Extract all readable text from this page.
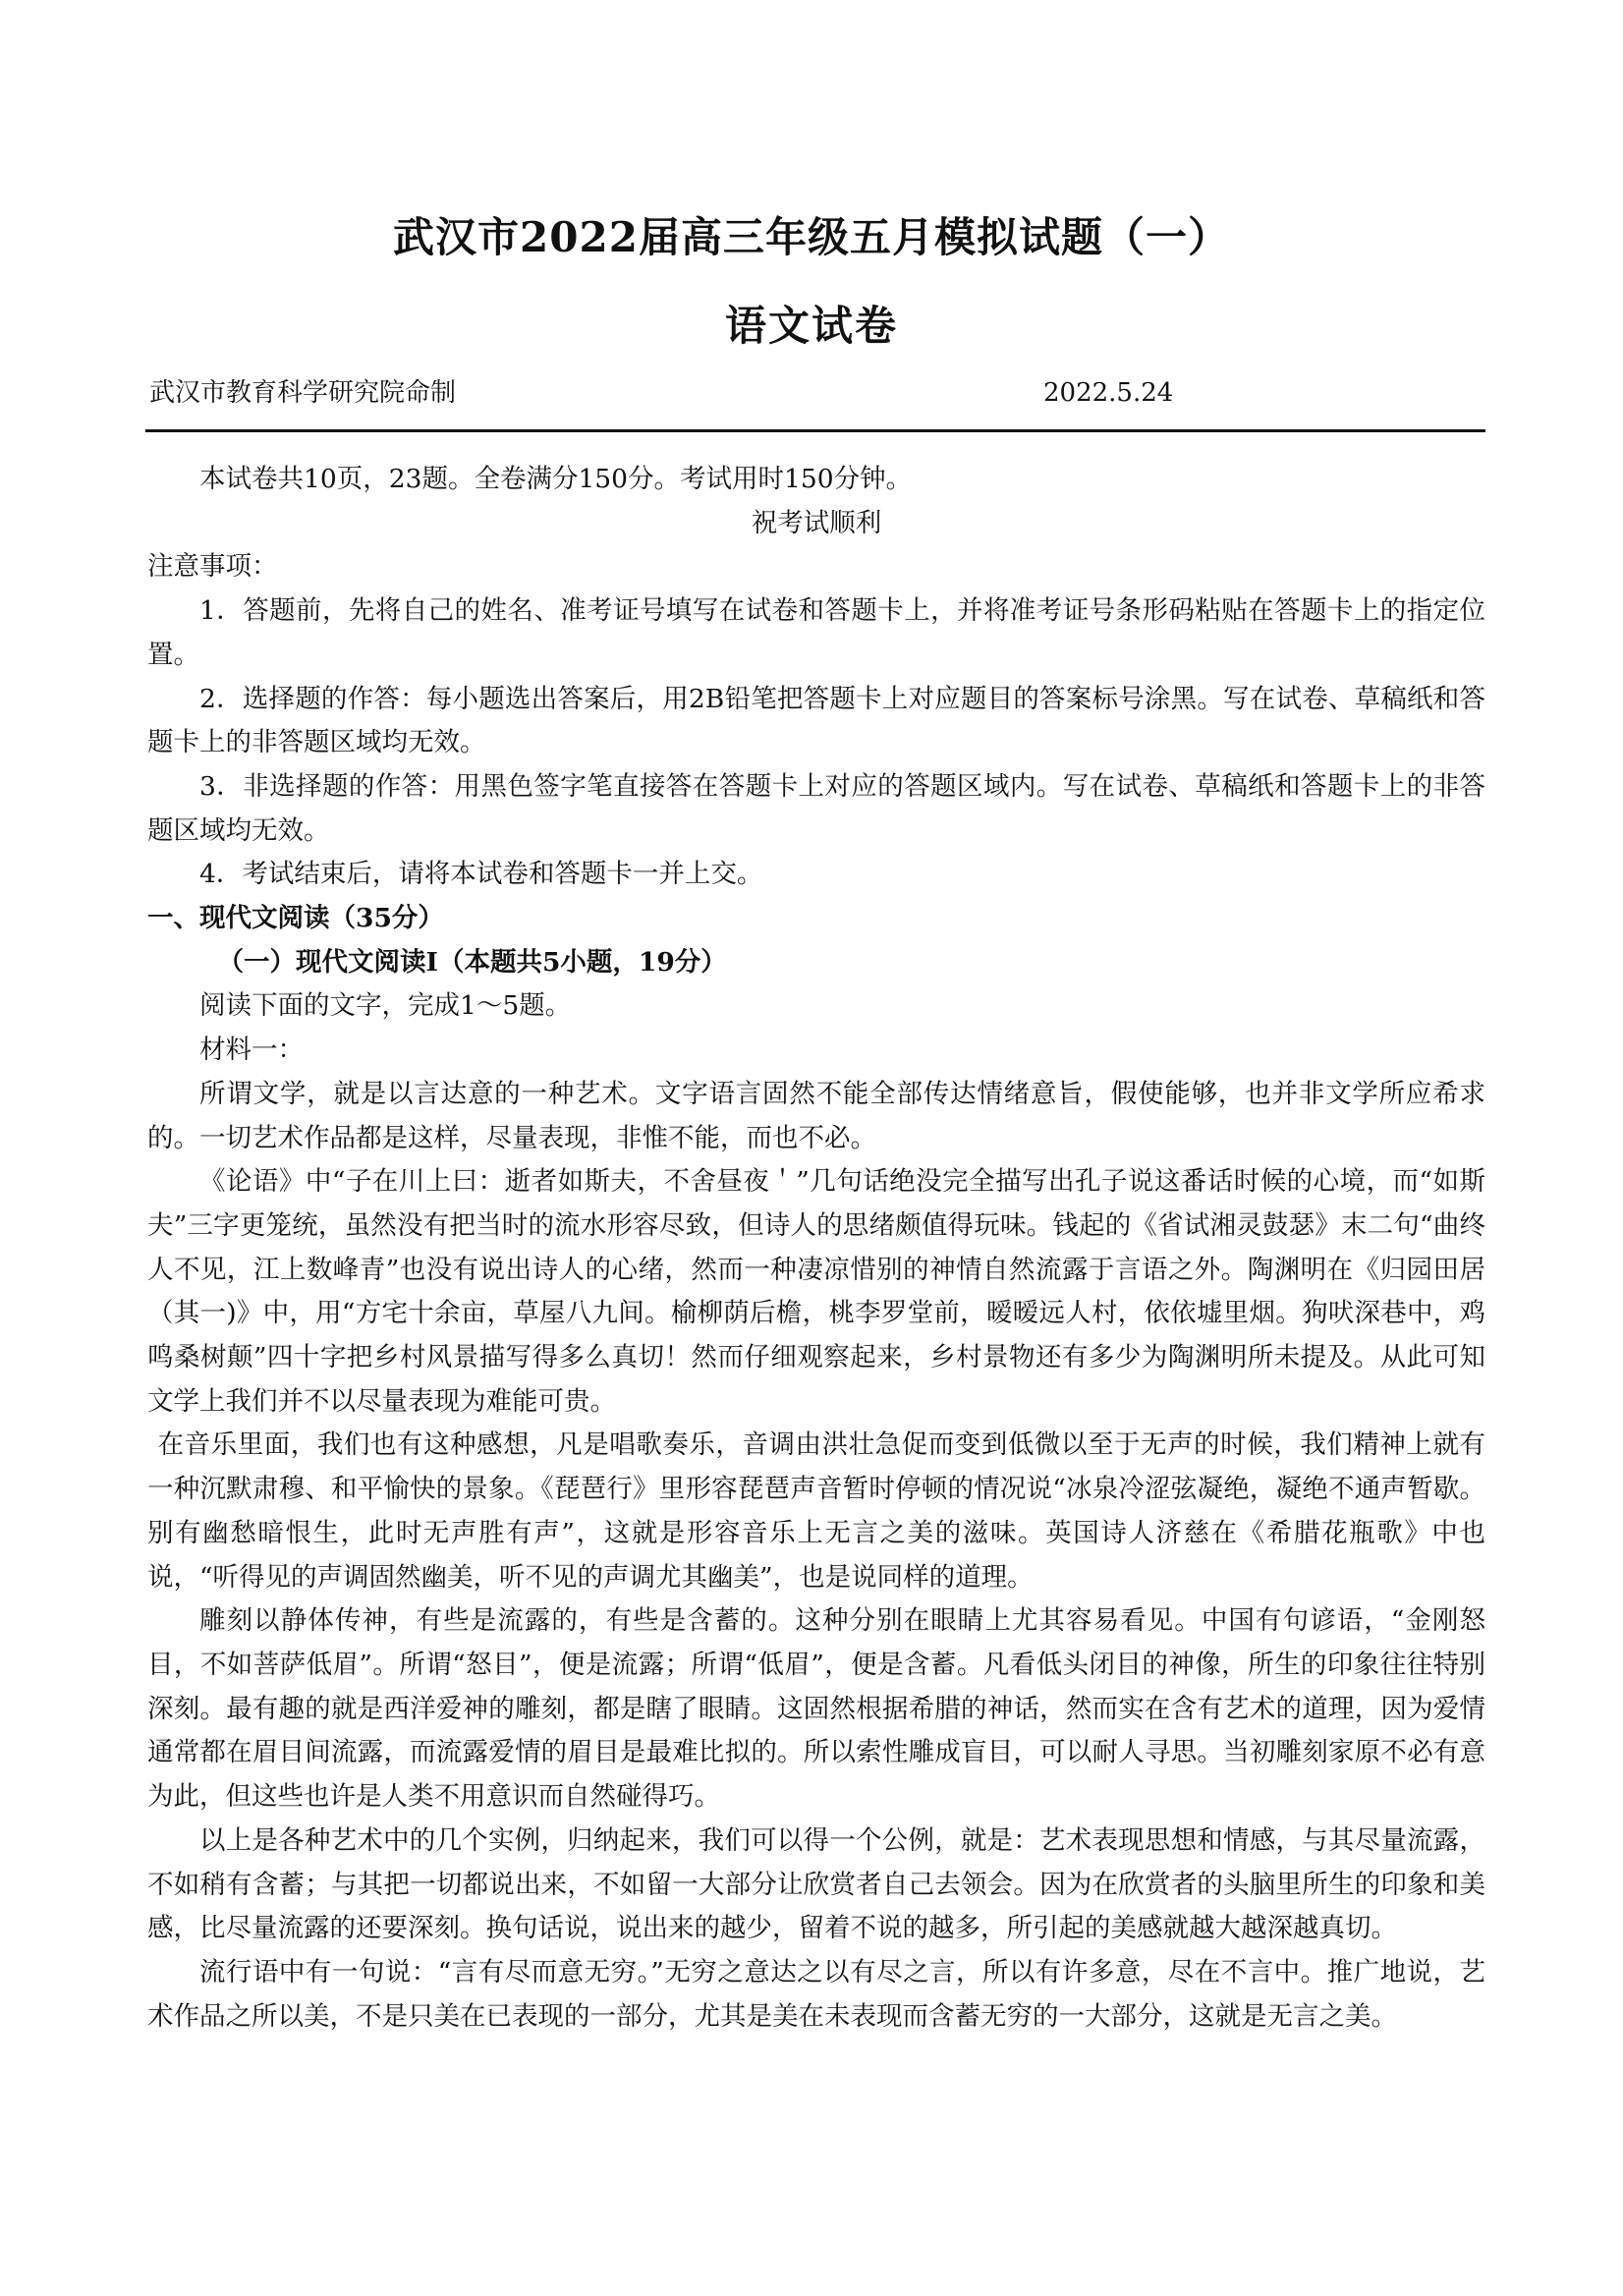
武汉市2022届高三年级五月模拟试题（一）
语文试卷
武汉市教育科学研究院命制	2022.5.24

本试卷共10页，23题。全卷满分150分。考试用时150分钟。

祝考试顺利

注意事项：

1．答题前，先将自己的姓名、准考证号填写在试卷和答题卡上，并将准考证号条形码粘贴在答题卡上的指定位置。

2．选择题的作答：每小题选出答案后，用2B铅笔把答题卡上对应题目的答案标号涂黑。写在试卷、草稿纸和答题卡上的非答题区域均无效。

3．非选择题的作答：用黑色签字笔直接答在答题卡上对应的答题区域内。写在试卷、草稿纸和答题卡上的非答题区域均无效。

4．考试结束后，请将本试卷和答题卡一并上交。

一、现代文阅读（35分）

（一）现代文阅读I（本题共5小题，19分）

阅读下面的文字，完成1～5题。

材料一：

所谓文学，就是以言达意的一种艺术。文字语言固然不能全部传达情绪意旨，假使能够，也并非文学所应希求的。一切艺术作品都是这样，尽量表现，非惟不能，而也不必。

《论语》中“子在川上曰：逝者如斯夫，不舍昼夜＇”几句话绝没完全描写出孔子说这番话时候的心境，而“如斯夫”三字更笼统，虽然没有把当时的流水形容尽致，但诗人的思绪颇值得玩味。钱起的《省试湘灵鼓瑟》末二句“曲终人不见，江上数峰青”也没有说出诗人的心绪，然而一种凄凉惜别的神情自然流露于言语之外。陶渊明在《归园田居（其一)》中，用“方宅十余亩，草屋八九间。榆柳荫后檐，桃李罗堂前，暧暧远人村，依依墟里烟。狗吠深巷中，鸡鸣桑树颠”四十字把乡村风景描写得多么真切！然而仔细观察起来，乡村景物还有多少为陶渊明所未提及。从此可知文学上我们并不以尽量表现为难能可贵。

在音乐里面，我们也有这种感想，凡是唱歌奏乐，音调由洪壮急促而变到低微以至于无声的时候，我们精神上就有一种沉默肃穆、和平愉快的景象。《琵琶行》里形容琵琶声音暂时停顿的情况说“冰泉冷涩弦凝绝，凝绝不通声暂歇。别有幽愁暗恨生，此时无声胜有声”，这就是形容音乐上无言之美的滋味。英国诗人济慈在《希腊花瓶歌》中也说，“听得见的声调固然幽美，听不见的声调尤其幽美”，也是说同样的道理。

雕刻以静体传神，有些是流露的，有些是含蓄的。这种分别在眼睛上尤其容易看见。中国有句谚语，“金刚怒目，不如菩萨低眉”。所谓“怒目”，便是流露；所谓“低眉”，便是含蓄。凡看低头闭目的神像，所生的印象往往特别深刻。最有趣的就是西洋爱神的雕刻，都是瞎了眼睛。这固然根据希腊的神话，然而实在含有艺术的道理，因为爱情通常都在眉目间流露，而流露爱情的眉目是最难比拟的。所以索性雕成盲目，可以耐人寻思。当初雕刻家原不必有意为此，但这些也许是人类不用意识而自然碰得巧。

以上是各种艺术中的几个实例，归纳起来，我们可以得一个公例，就是：艺术表现思想和情感，与其尽量流露，不如稍有含蓄；与其把一切都说出来，不如留一大部分让欣赏者自己去领会。因为在欣赏者的头脑里所生的印象和美感，比尽量流露的还要深刻。换句话说，说出来的越少，留着不说的越多，所引起的美感就越大越深越真切。

流行语中有一句说：“言有尽而意无穷。”无穷之意达之以有尽之言，所以有许多意，尽在不言中。推广地说，艺术作品之所以美，不是只美在已表现的一部分，尤其是美在未表现而含蓄无穷的一大部分，这就是无言之美。
